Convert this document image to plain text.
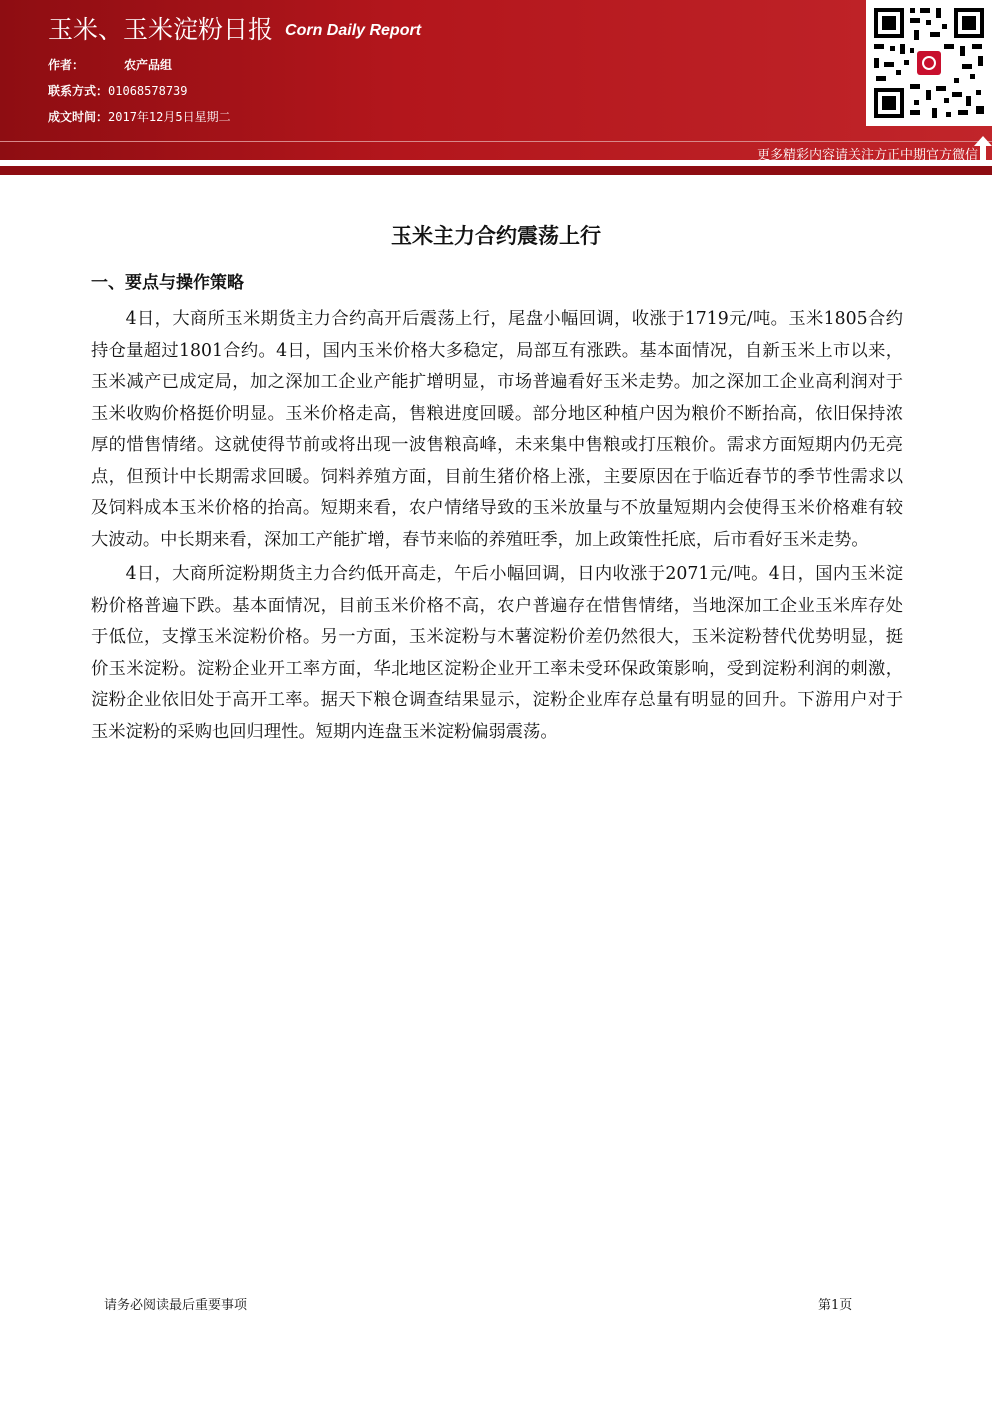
玉米、玉米淀粉日报 Corn Daily Report
作者：	农产品组
联系方式：01068578739
成文时间：2017年12月5日星期二
更多精彩内容请关注方正中期官方微信
玉米主力合约震荡上行
一、要点与操作策略

4日，大商所玉米期货主力合约高开后震荡上行，尾盘小幅回调，收涨于1719元/吨。玉米1805合约持仓量超过1801合约。4日，国内玉米价格大多稳定，局部互有涨跌。基本面情况，自新玉米上市以来，玉米减产已成定局，加之深加工企业产能扩增明显，市场普遍看好玉米走势。加之深加工企业高利润对于玉米收购价格挺价明显。玉米价格走高，售粮进度回暖。部分地区种植户因为粮价不断抬高，依旧保持浓厚的惜售情绪。这就使得节前或将出现一波售粮高峰，未来集中售粮或打压粮价。需求方面短期内仍无亮点，但预计中长期需求回暖。饲料养殖方面，目前生猪价格上涨，主要原因在于临近春节的季节性需求以及饲料成本玉米价格的抬高。短期来看，农户情绪导致的玉米放量与不放量短期内会使得玉米价格难有较大波动。中长期来看，深加工产能扩增，春节来临的养殖旺季，加上政策性托底，后市看好玉米走势。

4日，大商所淀粉期货主力合约低开高走，午后小幅回调，日内收涨于2071元/吨。4日，国内玉米淀粉价格普遍下跌。基本面情况，目前玉米价格不高，农户普遍存在惜售情绪，当地深加工企业玉米库存处于低位，支撑玉米淀粉价格。另一方面，玉米淀粉与木薯淀粉价差仍然很大，玉米淀粉替代优势明显，挺价玉米淀粉。淀粉企业开工率方面，华北地区淀粉企业开工率未受环保政策影响，受到淀粉利润的刺激，淀粉企业依旧处于高开工率。据天下粮仓调查结果显示，淀粉企业库存总量有明显的回升。下游用户对于玉米淀粉的采购也回归理性。短期内连盘玉米淀粉偏弱震荡。

请务必阅读最后重要事项	第1页
